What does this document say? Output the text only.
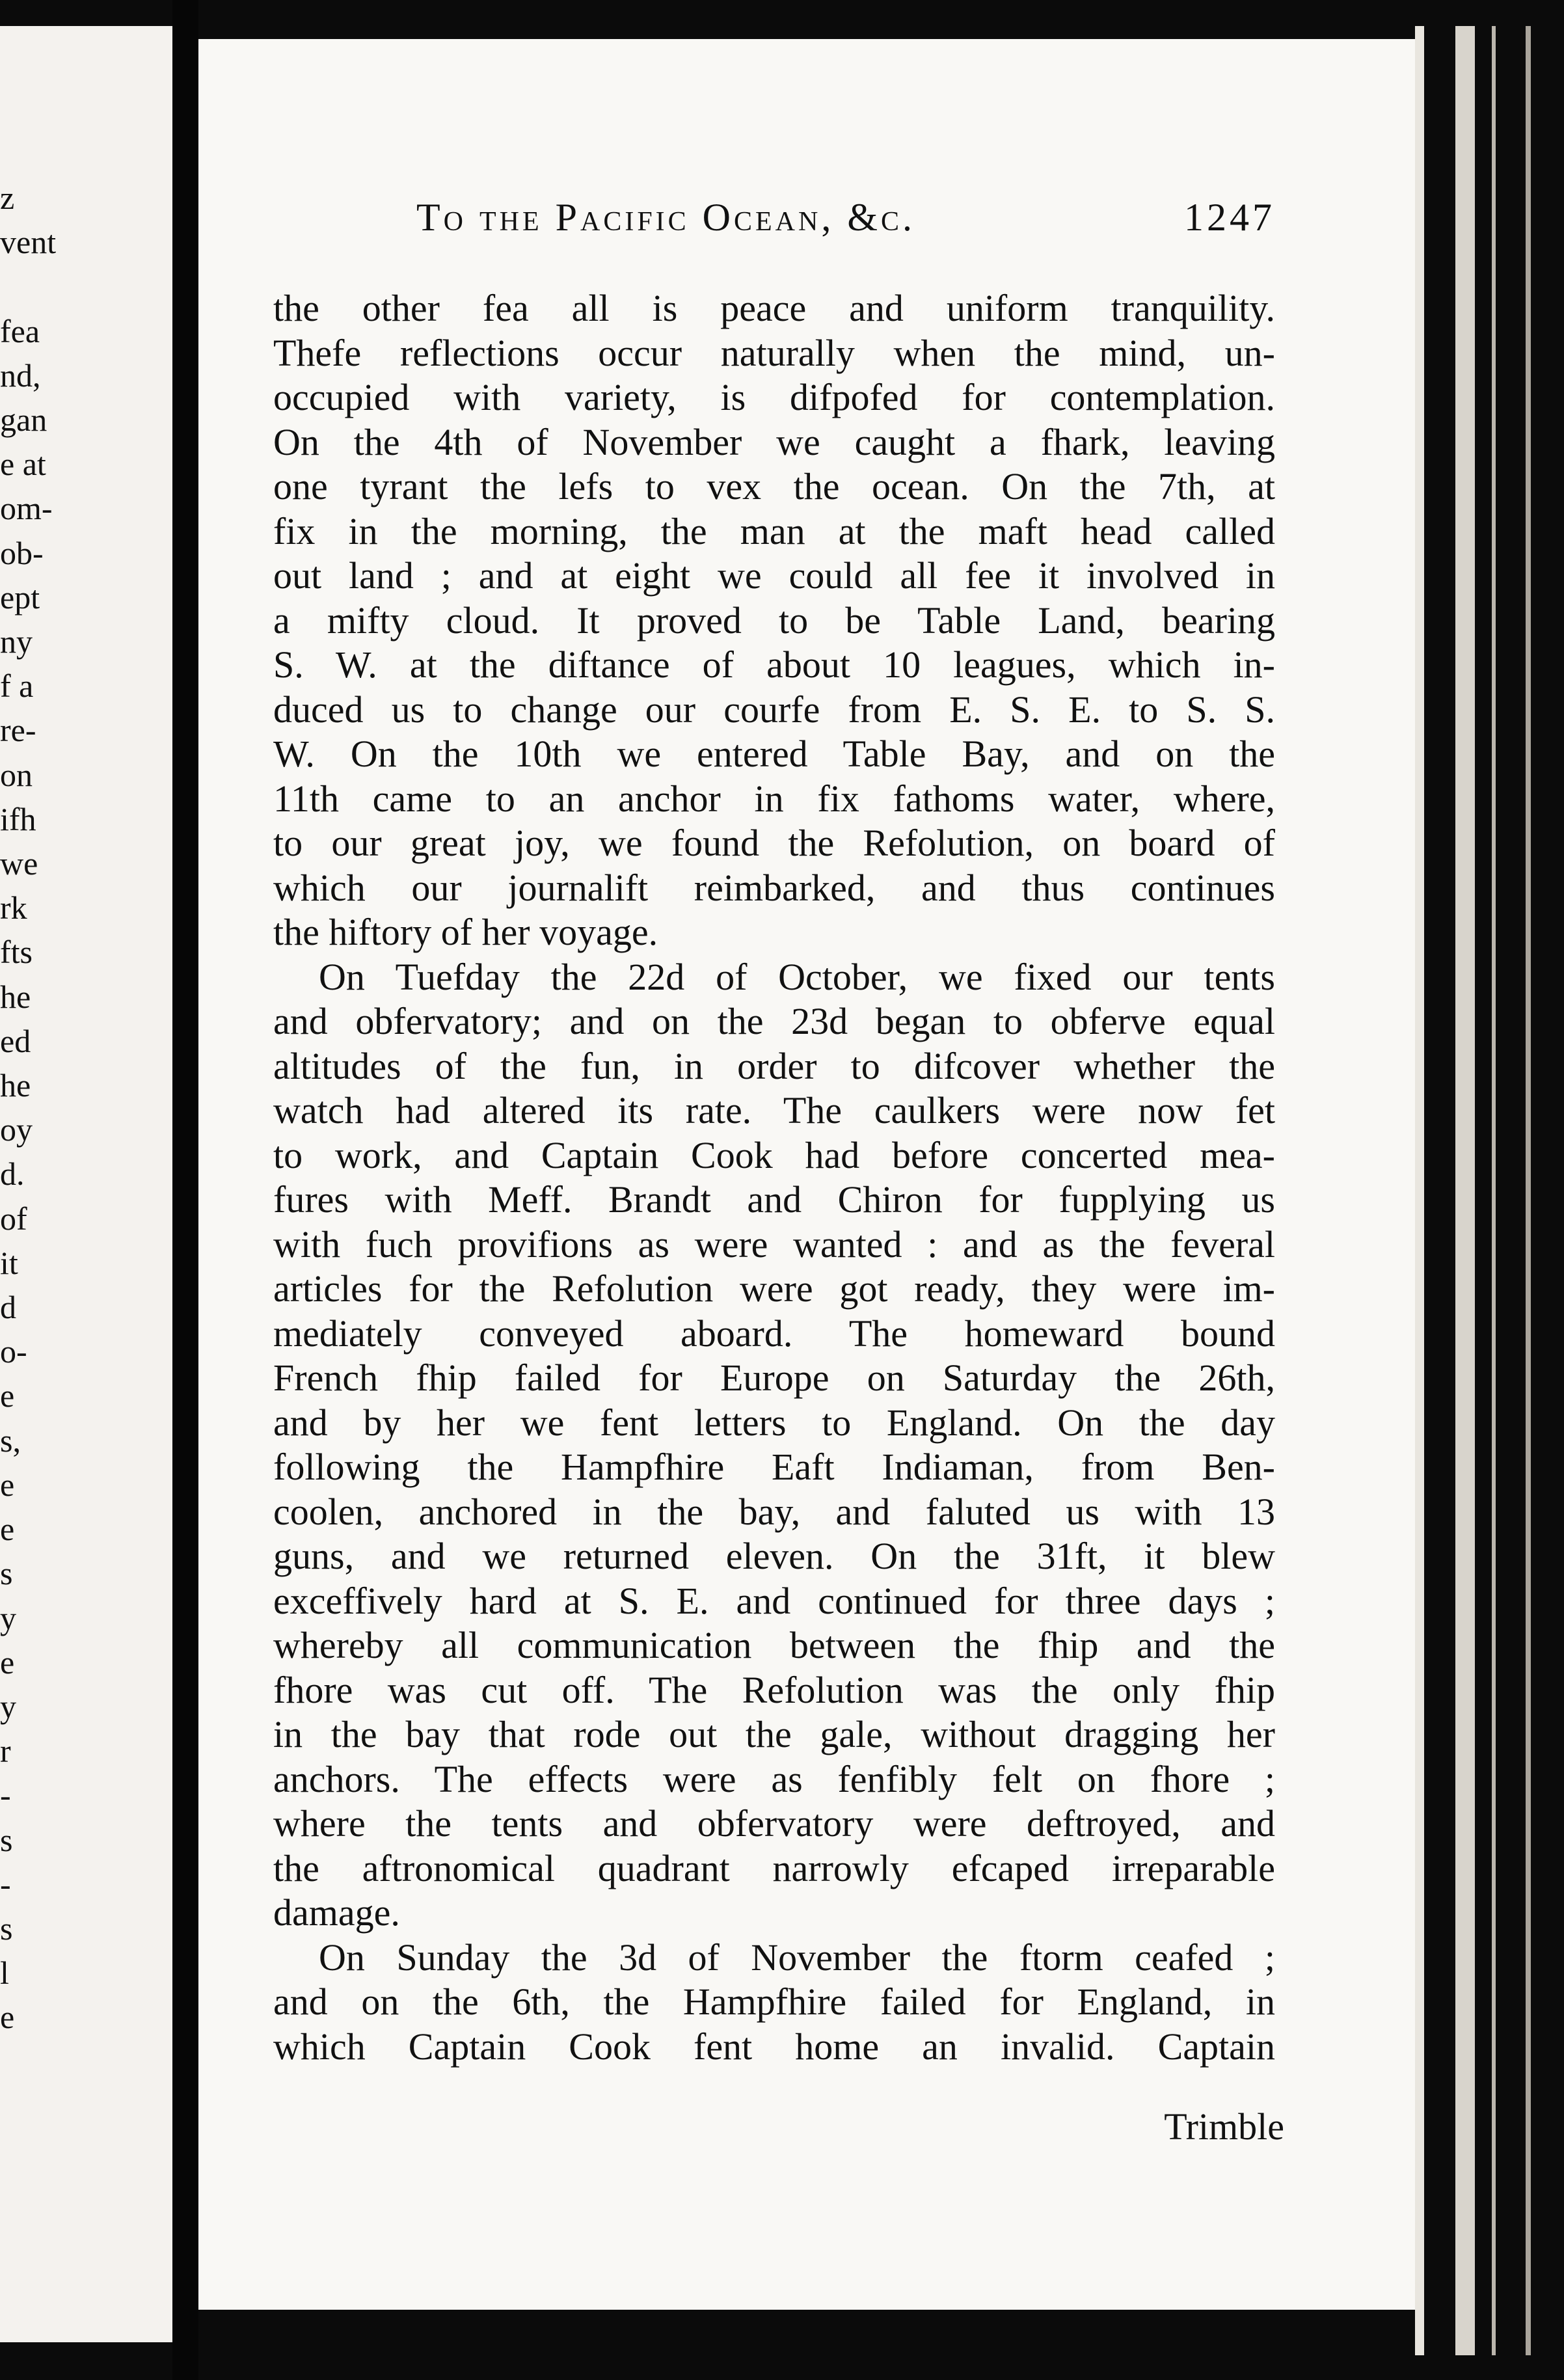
z
vent

fea
nd,
gan
e at
om-
ob-
ept
ny
f a
re-
on
ifh
we
rk
fts
he
ed
he
oy
d.
of
it
d
o-
e
s,
e
e
s
y
e
y
r
-
s
-
s
l
e
To the Pacific Ocean, &c.	1247
the other fea all is peace and uniform tranquility.
Thefe reflections occur naturally when the mind, un-
occupied with variety, is difpofed for contemplation.
On the 4th of November we caught a fhark, leaving
one tyrant the lefs to vex the ocean. On the 7th, at
fix in the morning, the man at the maft head called
out land ; and at eight we could all fee it involved in
a mifty cloud. It proved to be Table Land, bearing
S. W. at the diftance of about 10 leagues, which in-
duced us to change our courfe from E. S. E. to S. S.
W. On the 10th we entered Table Bay, and on the
11th came to an anchor in fix fathoms water, where,
to our great joy, we found the Refolution, on board of
which our journalift reimbarked, and thus continues
the hiftory of her voyage.
On Tuefday the 22d of October, we fixed our tents
and obfervatory; and on the 23d began to obferve equal
altitudes of the fun, in order to difcover whether the
watch had altered its rate. The caulkers were now fet
to work, and Captain Cook had before concerted mea-
fures with Meff. Brandt and Chiron for fupplying us
with fuch provifions as were wanted : and as the feveral
articles for the Refolution were got ready, they were im-
mediately conveyed aboard. The homeward bound
French fhip failed for Europe on Saturday the 26th,
and by her we fent letters to England. On the day
following the Hampfhire Eaft Indiaman, from Ben-
coolen, anchored in the bay, and faluted us with 13
guns, and we returned eleven. On the 31ft, it blew
exceffively hard at S. E. and continued for three days ;
whereby all communication between the fhip and the
fhore was cut off. The Refolution was the only fhip
in the bay that rode out the gale, without dragging her
anchors. The effects were as fenfibly felt on fhore ;
where the tents and obfervatory were deftroyed, and
the aftronomical quadrant narrowly efcaped irreparable
damage.
On Sunday the 3d of November the ftorm ceafed ;
and on the 6th, the Hampfhire failed for England, in
which Captain Cook fent home an invalid. Captain
Trimble
